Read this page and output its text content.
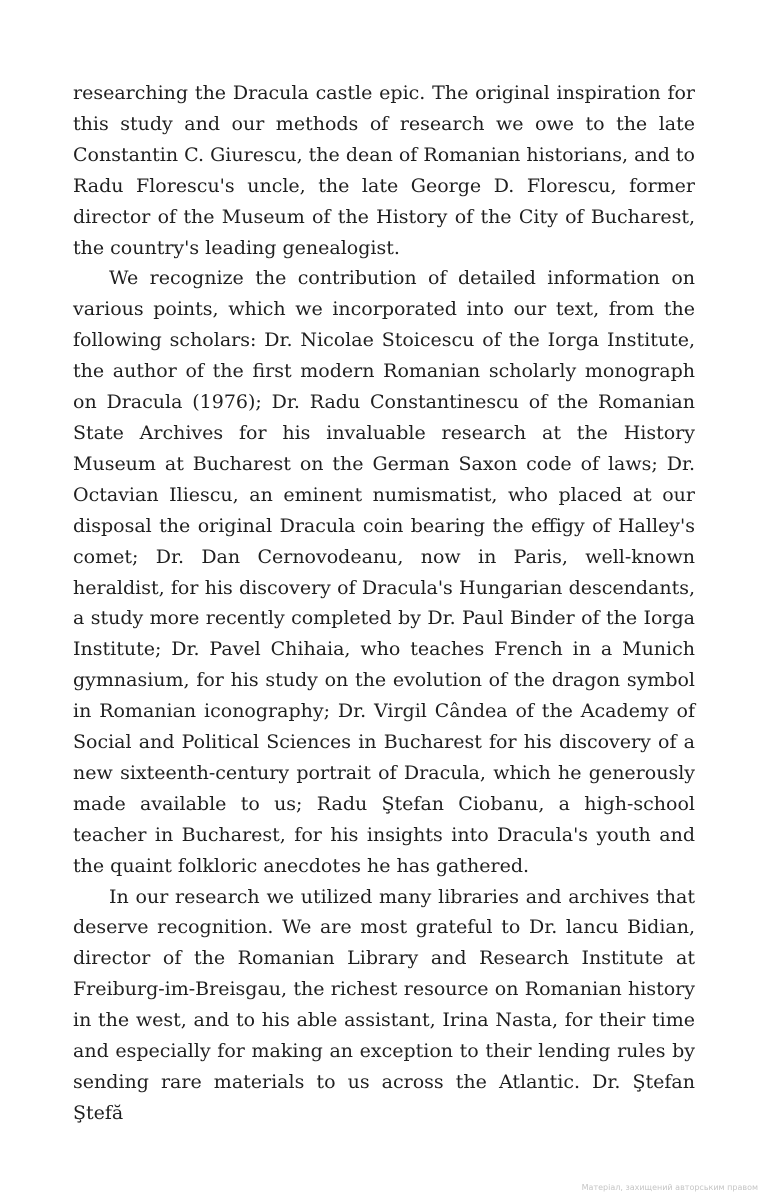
researching the Dracula castle epic. The original inspiration for this study and our methods of research we owe to the late Constantin C. Giurescu, the dean of Romanian historians, and to Radu Florescu's uncle, the late George D. Florescu, former director of the Museum of the History of the City of Bucharest, the country's leading genealogist.

We recognize the contribution of detailed information on various points, which we incorporated into our text, from the following scholars: Dr. Nicolae Stoicescu of the Iorga Institute, the author of the first modern Romanian scholarly monograph on Dracula (1976); Dr. Radu Constantinescu of the Romanian State Archives for his invaluable research at the History Museum at Bucharest on the German Saxon code of laws; Dr. Octavian Iliescu, an eminent numismatist, who placed at our disposal the original Dracula coin bearing the effigy of Halley's comet; Dr. Dan Cernovodeanu, now in Paris, well-known heraldist, for his discovery of Dracula's Hungarian descendants, a study more recently completed by Dr. Paul Binder of the Iorga Institute; Dr. Pavel Chihaia, who teaches French in a Munich gymnasium, for his study on the evolution of the dragon symbol in Romanian iconography; Dr. Virgil Cândea of the Academy of Social and Political Sciences in Bucharest for his discovery of a new sixteenth-century portrait of Dracula, which he generously made available to us; Radu Ştefan Ciobanu, a high-school teacher in Bucharest, for his insights into Dracula's youth and the quaint folkloric anecdotes he has gathered.

In our research we utilized many libraries and archives that deserve recognition. We are most grateful to Dr. lancu Bidian, director of the Romanian Library and Research Institute at Freiburg-im-Breisgau, the richest resource on Romanian history in the west, and to his able assistant, Irina Nasta, for their time and especially for making an exception to their lending rules by sending rare materials to us across the Atlantic. Dr. Ştefan Ştefă

Матеріал, захищений авторським правом
